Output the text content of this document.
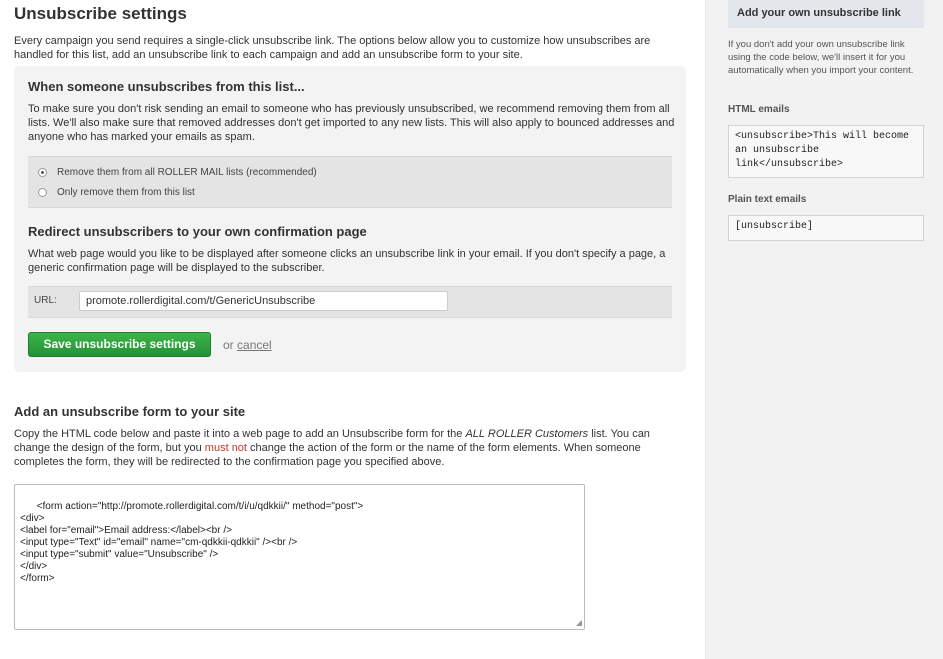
Unsubscribe settings

Every campaign you send requires a single-click unsubscribe link. The options below allow you to customize how unsubscribes are handled for this list, add an unsubscribe link to each campaign and add an unsubscribe form to your site.

When someone unsubscribes from this list...

To make sure you don't risk sending an email to someone who has previously unsubscribed, we recommend removing them from all lists. We'll also make sure that removed addresses don't get imported to any new lists. This will also apply to bounced addresses and anyone who has marked your emails as spam.

Remove them from all ROLLER MAIL lists (recommended)
Only remove them from this list
Redirect unsubscribers to your own confirmation page

What web page would you like to be displayed after someone clicks an unsubscribe link in your email. If you don't specify a page, a generic confirmation page will be displayed to the subscriber.

URL:
promote.rollerdigital.com/t/GenericUnsubscribe
Save unsubscribe settings	or cancel
Add an unsubscribe form to your site

Copy the HTML code below and paste it into a web page to add an Unsubscribe form for the ALL ROLLER Customers list. You can change the design of the form, but you must not change the action of the form or the name of the form elements. When someone completes the form, they will be redirected to the confirmation page you specified above.

<form action="http://promote.rollerdigital.com/t/i/u/qdkkii/" method="post">
<div>
<label for="email">Email address:</label><br />
<input type="Text" id="email" name="cm-qdkkii-qdkkii" /><br />
<input type="submit" value="Unsubscribe" />
</div>
</form>

◢

Add your own unsubscribe link

If you don't add your own unsubscribe link using the code below, we'll insert it for you automatically when you import your content.

HTML emails
<unsubscribe>This will become an unsubscribe link</unsubscribe>
Plain text emails
[unsubscribe]
